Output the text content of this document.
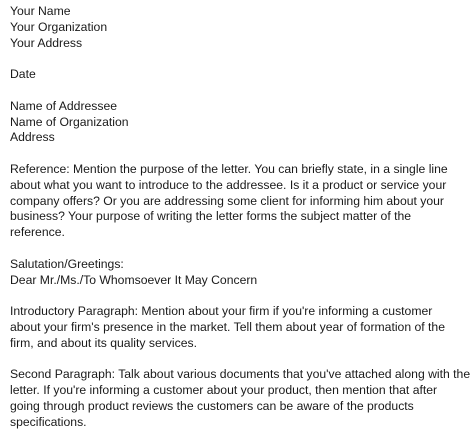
Your Name
Your Organization
Your Address
Date
Name of Addressee
Name of Organization
Address
Reference: Mention the purpose of the letter. You can briefly state, in a single line
about what you want to introduce to the addressee. Is it a product or service your
company offers? Or you are addressing some client for informing him about your
business? Your purpose of writing the letter forms the subject matter of the
reference.
Salutation/Greetings:
Dear Mr./Ms./To Whomsoever It May Concern
Introductory Paragraph: Mention about your firm if you're informing a customer
about your firm's presence in the market. Tell them about year of formation of the
firm, and about its quality services.
Second Paragraph: Talk about various documents that you've attached along with the
letter. If you're informing a customer about your product, then mention that after
going through product reviews the customers can be aware of the products
specifications.
